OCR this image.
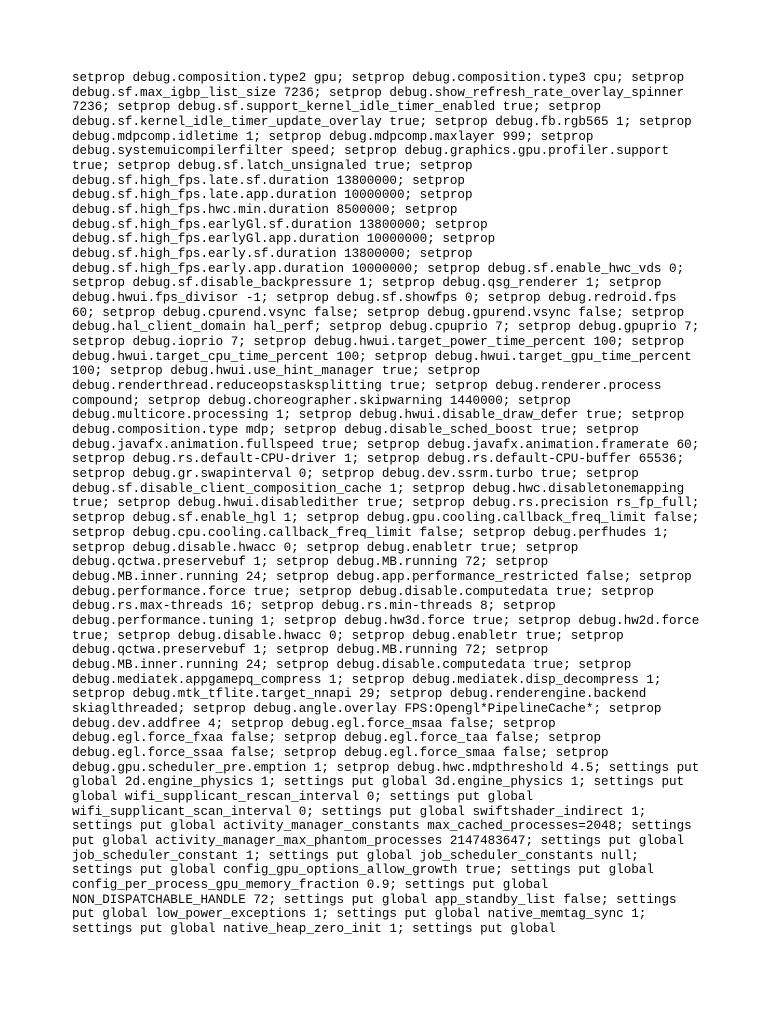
setprop debug.composition.type2 gpu; setprop debug.composition.type3 cpu; setprop
debug.sf.max_igbp_list_size 7236; setprop debug.show_refresh_rate_overlay_spinner
7236; setprop debug.sf.support_kernel_idle_timer_enabled true; setprop
debug.sf.kernel_idle_timer_update_overlay true; setprop debug.fb.rgb565 1; setprop
debug.mdpcomp.idletime 1; setprop debug.mdpcomp.maxlayer 999; setprop
debug.systemuicompilerfilter speed; setprop debug.graphics.gpu.profiler.support
true; setprop debug.sf.latch_unsignaled true; setprop
debug.sf.high_fps.late.sf.duration 13800000; setprop
debug.sf.high_fps.late.app.duration 10000000; setprop
debug.sf.high_fps.hwc.min.duration 8500000; setprop
debug.sf.high_fps.earlyGl.sf.duration 13800000; setprop
debug.sf.high_fps.earlyGl.app.duration 10000000; setprop
debug.sf.high_fps.early.sf.duration 13800000; setprop
debug.sf.high_fps.early.app.duration 10000000; setprop debug.sf.enable_hwc_vds 0;
setprop debug.sf.disable_backpressure 1; setprop debug.qsg_renderer 1; setprop
debug.hwui.fps_divisor -1; setprop debug.sf.showfps 0; setprop debug.redroid.fps
60; setprop debug.cpurend.vsync false; setprop debug.gpurend.vsync false; setprop
debug.hal_client_domain hal_perf; setprop debug.cpuprio 7; setprop debug.gpuprio 7;
setprop debug.ioprio 7; setprop debug.hwui.target_power_time_percent 100; setprop
debug.hwui.target_cpu_time_percent 100; setprop debug.hwui.target_gpu_time_percent
100; setprop debug.hwui.use_hint_manager true; setprop
debug.renderthread.reduceopstasksplitting true; setprop debug.renderer.process
compound; setprop debug.choreographer.skipwarning 1440000; setprop
debug.multicore.processing 1; setprop debug.hwui.disable_draw_defer true; setprop
debug.composition.type mdp; setprop debug.disable_sched_boost true; setprop
debug.javafx.animation.fullspeed true; setprop debug.javafx.animation.framerate 60;
setprop debug.rs.default-CPU-driver 1; setprop debug.rs.default-CPU-buffer 65536;
setprop debug.gr.swapinterval 0; setprop debug.dev.ssrm.turbo true; setprop
debug.sf.disable_client_composition_cache 1; setprop debug.hwc.disabletonemapping
true; setprop debug.hwui.disabledither true; setprop debug.rs.precision rs_fp_full;
setprop debug.sf.enable_hgl 1; setprop debug.gpu.cooling.callback_freq_limit false;
setprop debug.cpu.cooling.callback_freq_limit false; setprop debug.perfhudes 1;
setprop debug.disable.hwacc 0; setprop debug.enabletr true; setprop
debug.qctwa.preservebuf 1; setprop debug.MB.running 72; setprop
debug.MB.inner.running 24; setprop debug.app.performance_restricted false; setprop
debug.performance.force true; setprop debug.disable.computedata true; setprop
debug.rs.max-threads 16; setprop debug.rs.min-threads 8; setprop
debug.performance.tuning 1; setprop debug.hw3d.force true; setprop debug.hw2d.force
true; setprop debug.disable.hwacc 0; setprop debug.enabletr true; setprop
debug.qctwa.preservebuf 1; setprop debug.MB.running 72; setprop
debug.MB.inner.running 24; setprop debug.disable.computedata true; setprop
debug.mediatek.appgamepq_compress 1; setprop debug.mediatek.disp_decompress 1;
setprop debug.mtk_tflite.target_nnapi 29; setprop debug.renderengine.backend
skiaglthreaded; setprop debug.angle.overlay FPS:Opengl*PipelineCache*; setprop
debug.dev.addfree 4; setprop debug.egl.force_msaa false; setprop
debug.egl.force_fxaa false; setprop debug.egl.force_taa false; setprop
debug.egl.force_ssaa false; setprop debug.egl.force_smaa false; setprop
debug.gpu.scheduler_pre.emption 1; setprop debug.hwc.mdpthreshold 4.5; settings put
global 2d.engine_physics 1; settings put global 3d.engine_physics 1; settings put
global wifi_supplicant_rescan_interval 0; settings put global
wifi_supplicant_scan_interval 0; settings put global swiftshader_indirect 1;
settings put global activity_manager_constants max_cached_processes=2048; settings
put global activity_manager_max_phantom_processes 2147483647; settings put global
job_scheduler_constant 1; settings put global job_scheduler_constants null;
settings put global config_gpu_options_allow_growth true; settings put global
config_per_process_gpu_memory_fraction 0.9; settings put global
NON_DISPATCHABLE_HANDLE 72; settings put global app_standby_list false; settings
put global low_power_exceptions 1; settings put global native_memtag_sync 1;
settings put global native_heap_zero_init 1; settings put global
